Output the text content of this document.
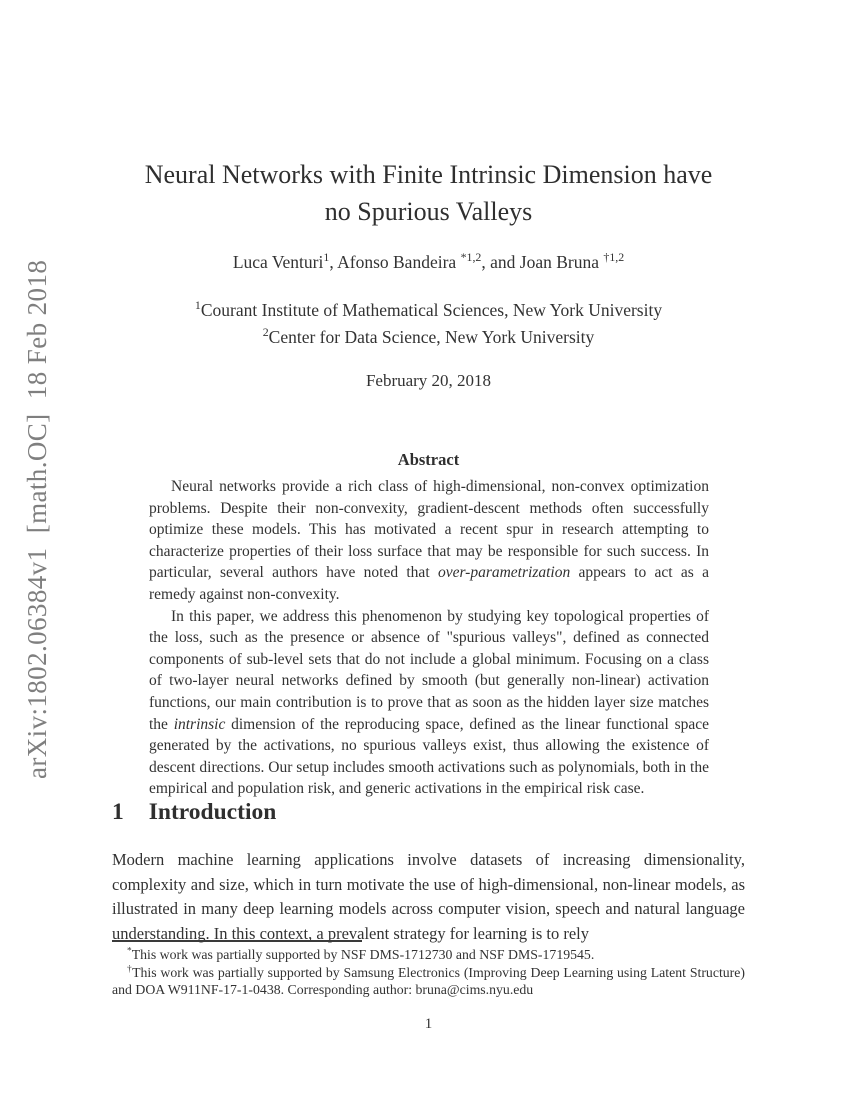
arXiv:1802.06384v1  [math.OC]  18 Feb 2018
Neural Networks with Finite Intrinsic Dimension have
no Spurious Valleys
Luca Venturi$^1$, Afonso Bandeira $^{*1,2}$, and Joan Bruna $^{\dagger 1,2}$
$^1$Courant Institute of Mathematical Sciences, New York University
$^2$Center for Data Science, New York University
February 20, 2018
Abstract

Neural networks provide a rich class of high-dimensional, non-convex optimization problems. Despite their non-convexity, gradient-descent methods often successfully optimize these models. This has motivated a recent spur in research attempting to characterize properties of their loss surface that may be responsible for such success. In particular, several authors have noted that over-parametrization appears to act as a remedy against non-convexity.

In this paper, we address this phenomenon by studying key topological properties of the loss, such as the presence or absence of "spurious valleys", defined as connected components of sub-level sets that do not include a global minimum. Focusing on a class of two-layer neural networks defined by smooth (but generally non-linear) activation functions, our main contribution is to prove that as soon as the hidden layer size matches the intrinsic dimension of the reproducing space, defined as the linear functional space generated by the activations, no spurious valleys exist, thus allowing the existence of descent directions. Our setup includes smooth activations such as polynomials, both in the empirical and population risk, and generic activations in the empirical risk case.

1 Introduction

Modern machine learning applications involve datasets of increasing dimensionality, complexity and size, which in turn motivate the use of high-dimensional, non-linear models, as illustrated in many deep learning models across computer vision, speech and natural language understanding. In this context, a prevalent strategy for learning is to rely

*This work was partially supported by NSF DMS-1712730 and NSF DMS-1719545.

†This work was partially supported by Samsung Electronics (Improving Deep Learning using Latent Structure) and DOA W911NF-17-1-0438. Corresponding author: bruna@cims.nyu.edu

1
